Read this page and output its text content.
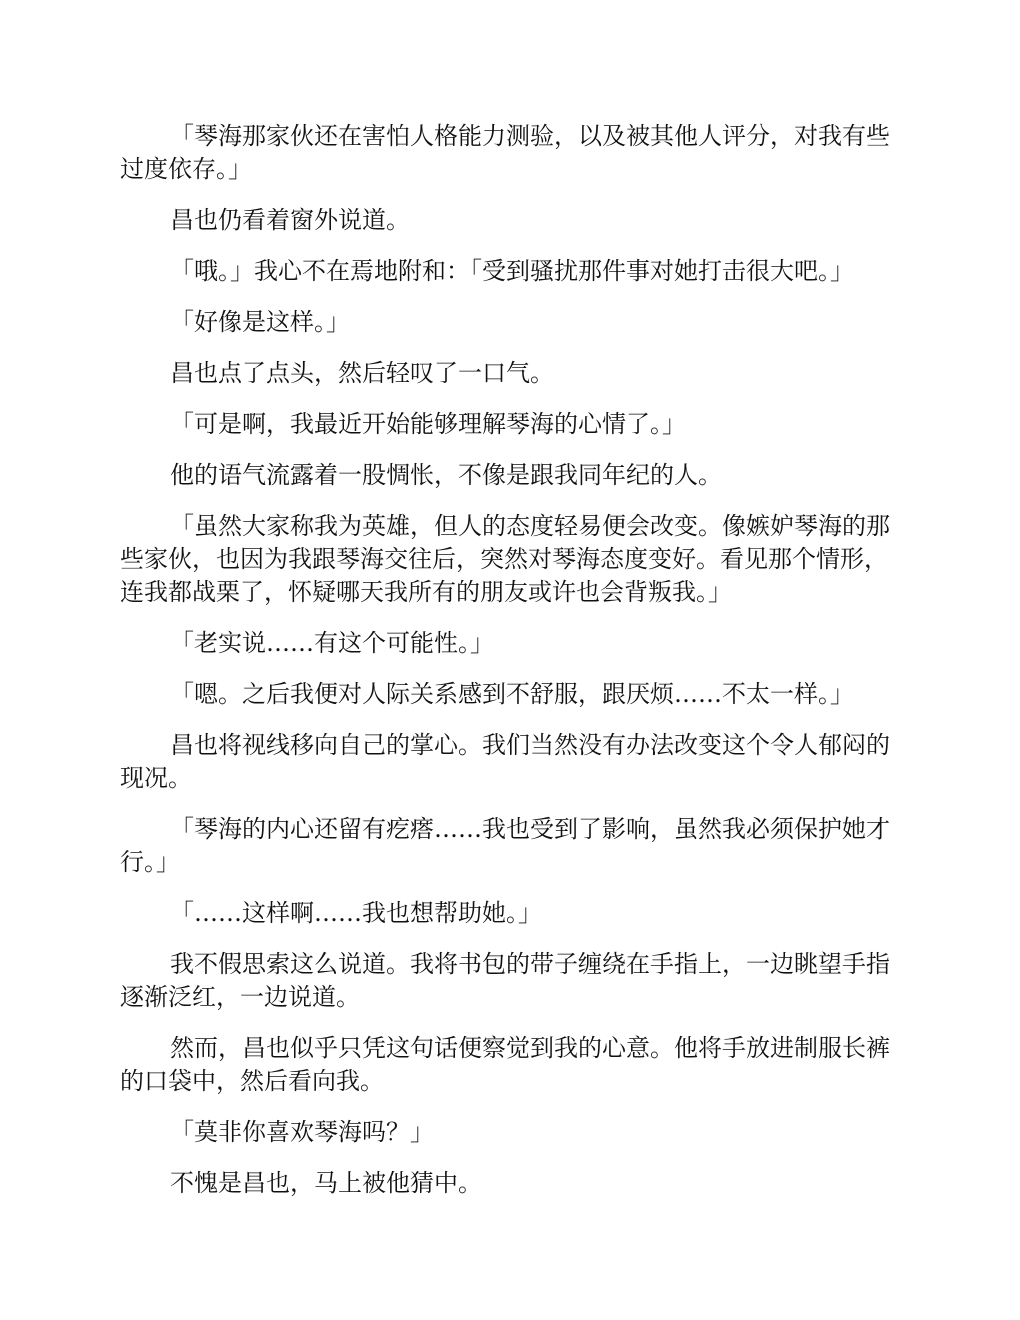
「琴海那家伙还在害怕人格能力测验，以及被其他人评分，对我有些过度依存。」

昌也仍看着窗外说道。

「哦。」我心不在焉地附和：「受到骚扰那件事对她打击很大吧。」

「好像是这样。」

昌也点了点头，然后轻叹了一口气。

「可是啊，我最近开始能够理解琴海的心情了。」

他的语气流露着一股惆怅，不像是跟我同年纪的人。

「虽然大家称我为英雄，但人的态度轻易便会改变。像嫉妒琴海的那些家伙，也因为我跟琴海交往后，突然对琴海态度变好。看见那个情形，连我都战栗了，怀疑哪天我所有的朋友或许也会背叛我。」

「老实说……有这个可能性。」

「嗯。之后我便对人际关系感到不舒服，跟厌烦……不太一样。」

昌也将视线移向自己的掌心。我们当然没有办法改变这个令人郁闷的现况。

「琴海的内心还留有疙瘩……我也受到了影响，虽然我必须保护她才行。」

「……这样啊……我也想帮助她。」

我不假思索这么说道。我将书包的带子缠绕在手指上，一边眺望手指逐渐泛红，一边说道。

然而，昌也似乎只凭这句话便察觉到我的心意。他将手放进制服长裤的口袋中，然后看向我。

「莫非你喜欢琴海吗？」

不愧是昌也，马上被他猜中。
